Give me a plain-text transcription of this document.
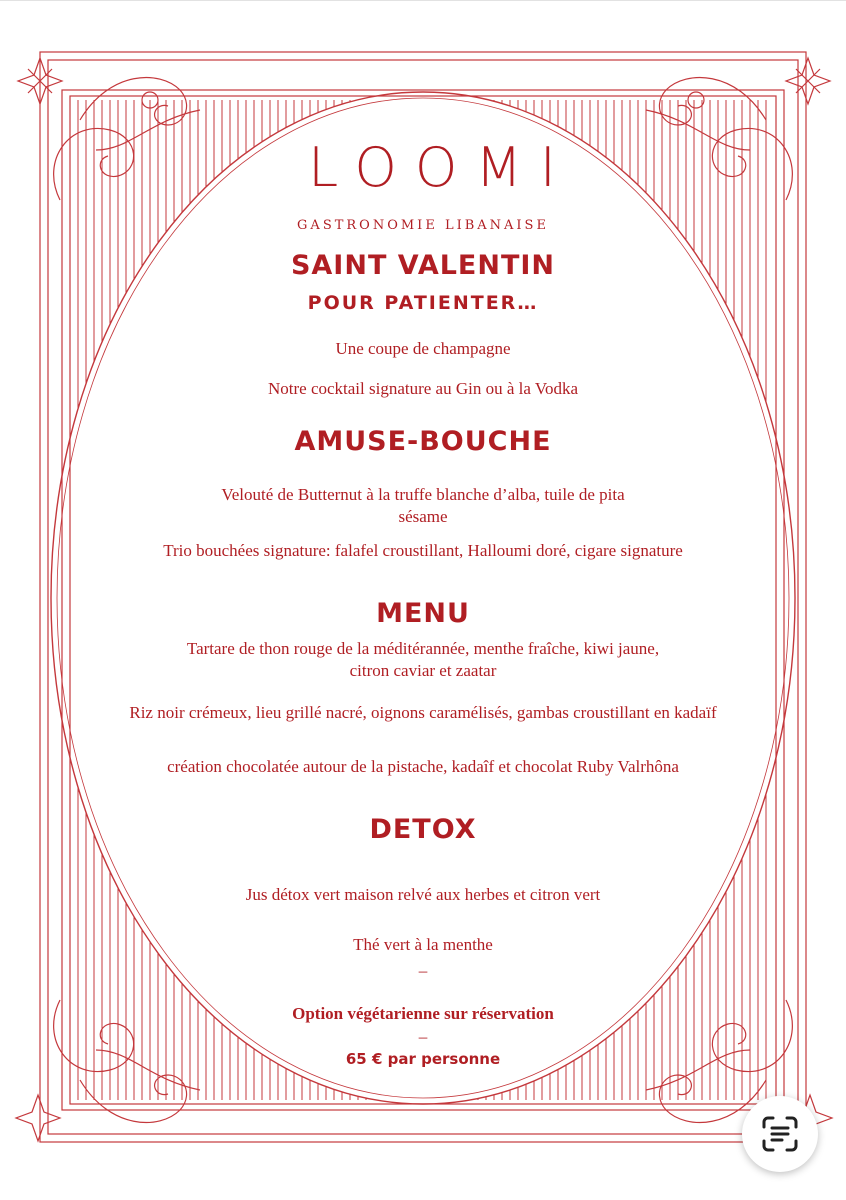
LOOMI
GASTRONOMIE LIBANAISE
SAINT VALENTIN
POUR PATIENTER…
Une coupe de champagne
Notre cocktail signature au Gin ou à la Vodka
AMUSE-BOUCHE
Velouté de Butternut à la truffe blanche d’alba, tuile de pita
sésame
Trio bouchées signature: falafel croustillant, Halloumi doré, cigare signature
MENU
Tartare de thon rouge de la méditérannée, menthe fraîche, kiwi jaune,
citron caviar et zaatar
Riz noir crémeux, lieu grillé nacré, oignons caramélisés, gambas croustillant en kadaïf
création chocolatée autour de la pistache, kadaîf et chocolat Ruby Valrhôna
DETOX
Jus détox vert maison relvé aux herbes et citron vert
Thé vert à la menthe
–
Option végétarienne sur réservation
–
65 € par personne
